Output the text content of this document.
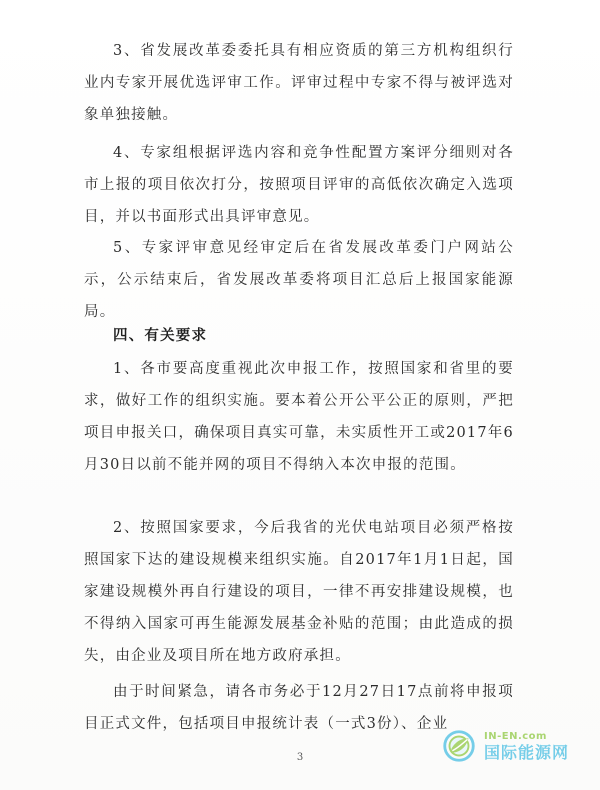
3、省发展改革委委托具有相应资质的第三方机构组织行业内专家开展优选评审工作。评审过程中专家不得与被评选对象单独接触。

4、专家组根据评选内容和竞争性配置方案评分细则对各市上报的项目依次打分，按照项目评审的高低依次确定入选项目，并以书面形式出具评审意见。

5、专家评审意见经审定后在省发展改革委门户网站公示，公示结束后，省发展改革委将项目汇总后上报国家能源局。

四、有关要求

1、各市要高度重视此次申报工作，按照国家和省里的要求，做好工作的组织实施。要本着公开公平公正的原则，严把项目申报关口，确保项目真实可靠，未实质性开工或2017年6月30日以前不能并网的项目不得纳入本次申报的范围。

2、按照国家要求，今后我省的光伏电站项目必须严格按照国家下达的建设规模来组织实施。自2017年1月1日起，国家建设规模外再自行建设的项目，一律不再安排建设规模，也不得纳入国家可再生能源发展基金补贴的范围；由此造成的损失，由企业及项目所在地方政府承担。

由于时间紧急，请各市务必于12月27日17点前将申报项目正式文件，包括项目申报统计表（一式3份）、企业

3
IN-EN.com
国际能源网
